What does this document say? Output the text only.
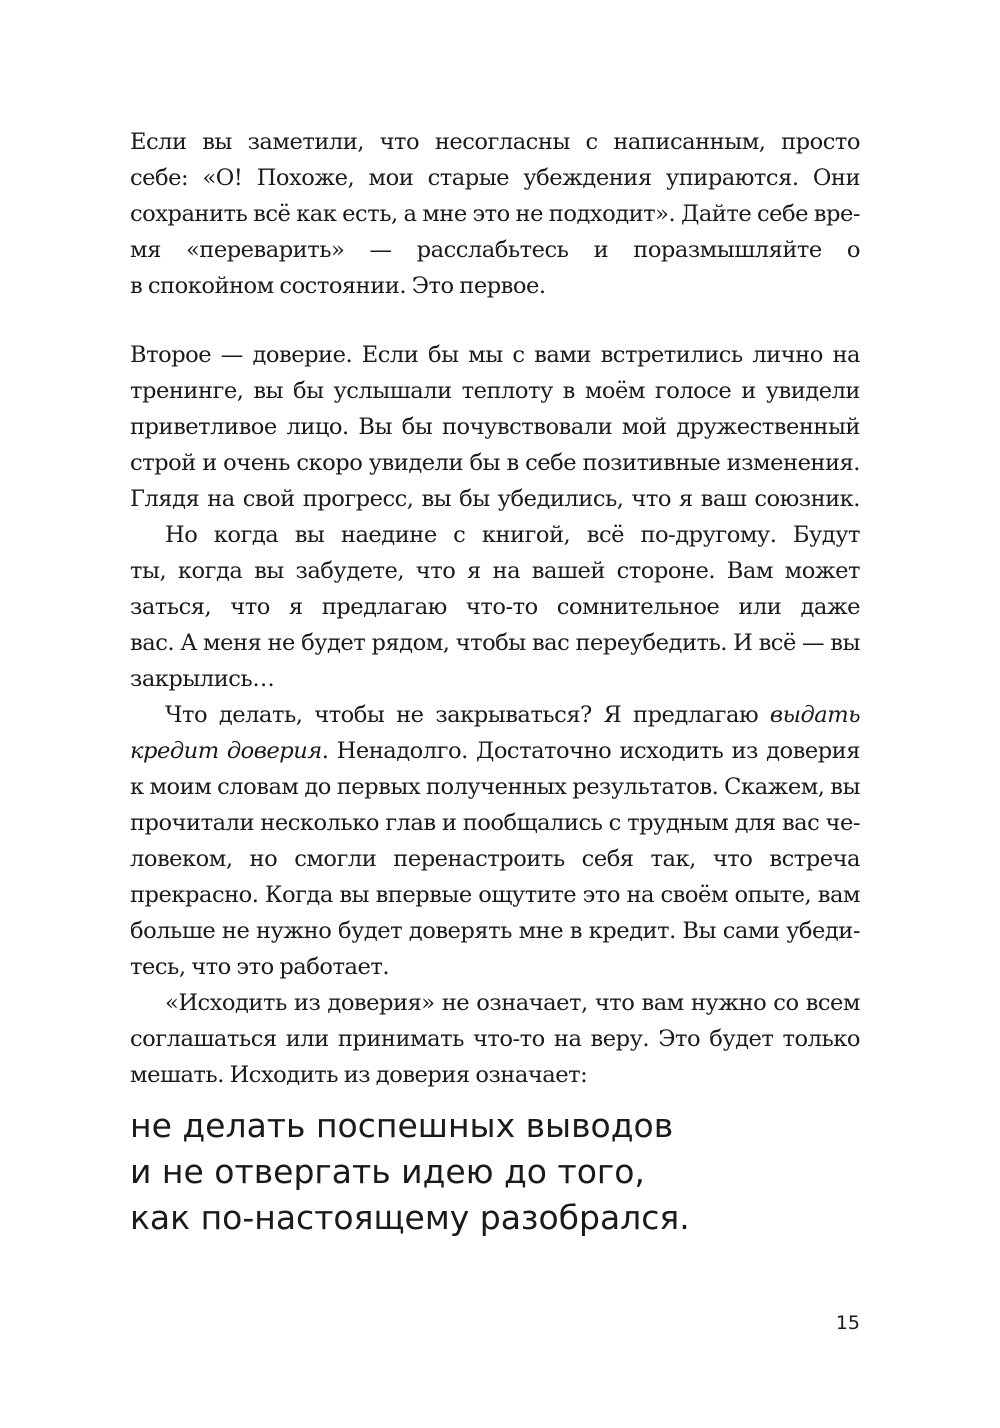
Если вы заметили, что несогласны с написанным, просто

себе: «О! Похоже, мои старые убеждения упираются. Они

сохранить всё как есть, а мне это не подходит». Дайте себе вре-

мя «переварить» — расслабьтесь и поразмышляйте о

в спокойном состоянии. Это первое.

Второе — доверие. Если бы мы с вами встретились лично на

тренинге, вы бы услышали теплоту в моём голосе и увидели

приветливое лицо. Вы бы почувствовали мой дружественный

строй и очень скоро увидели бы в себе позитивные изменения.

Глядя на свой прогресс, вы бы убедились, что я ваш союзник.

Но когда вы наедине с книгой, всё по-другому. Будут

ты, когда вы забудете, что я на вашей стороне. Вам может

заться, что я предлагаю что-то сомнительное или даже

вас. А меня не будет рядом, чтобы вас переубедить. И всё — вы

закрылись…

Что делать, чтобы не закрываться? Я предлагаю выдать

кредит доверия. Ненадолго. Достаточно исходить из доверия

к моим словам до первых полученных результатов. Скажем, вы

прочитали несколько глав и пообщались с трудным для вас че-

ловеком, но смогли перенастроить себя так, что встреча

прекрасно. Когда вы впервые ощутите это на своём опыте, вам

больше не нужно будет доверять мне в кредит. Вы сами убеди-

тесь, что это работает.

«Исходить из доверия» не означает, что вам нужно со всем

соглашаться или принимать что-то на веру. Это будет только

мешать. Исходить из доверия означает:

не делать поспешных выводов

и не отвергать идею до того,

как по-настоящему разобрался.

15
